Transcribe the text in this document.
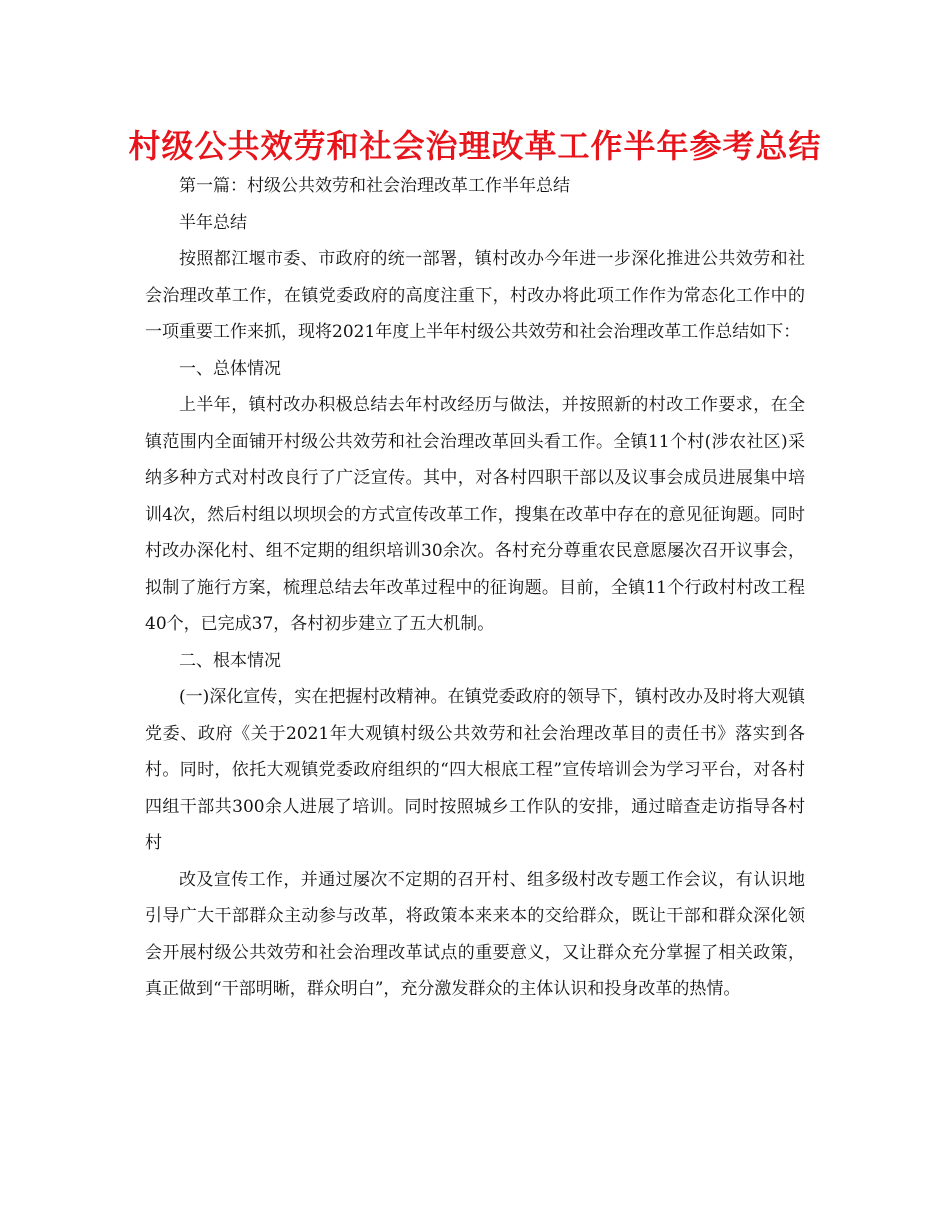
村级公共效劳和社会治理改革工作半年参考总结

第一篇：村级公共效劳和社会治理改革工作半年总结

半年总结

按照都江堰市委、市政府的统一部署，镇村改办今年进一步深化推进公共效劳和社会治理改革工作，在镇党委政府的高度注重下，村改办将此项工作作为常态化工作中的一项重要工作来抓，现将2021年度上半年村级公共效劳和社会治理改革工作总结如下：

一、总体情况

上半年，镇村改办积极总结去年村改经历与做法，并按照新的村改工作要求，在全镇范围内全面铺开村级公共效劳和社会治理改革回头看工作。全镇11个村(涉农社区)采纳多种方式对村改良行了广泛宣传。其中，对各村四职干部以及议事会成员进展集中培训4次，然后村组以坝坝会的方式宣传改革工作，搜集在改革中存在的意见征询题。同时村改办深化村、组不定期的组织培训30余次。各村充分尊重农民意愿屡次召开议事会，拟制了施行方案，梳理总结去年改革过程中的征询题。目前，全镇11个行政村村改工程40个，已完成37，各村初步建立了五大机制。

二、根本情况

(一)深化宣传，实在把握村改精神。在镇党委政府的领导下，镇村改办及时将大观镇党委、政府《关于2021年大观镇村级公共效劳和社会治理改革目的责任书》落实到各村。同时，依托大观镇党委政府组织的“四大根底工程”宣传培训会为学习平台，对各村四组干部共300余人进展了培训。同时按照城乡工作队的安排，通过暗查走访指导各村村

改及宣传工作，并通过屡次不定期的召开村、组多级村改专题工作会议，有认识地引导广大干部群众主动参与改革，将政策本来来本的交给群众，既让干部和群众深化领会开展村级公共效劳和社会治理改革试点的重要意义，又让群众充分掌握了相关政策，真正做到“干部明晰，群众明白”，充分激发群众的主体认识和投身改革的热情。
